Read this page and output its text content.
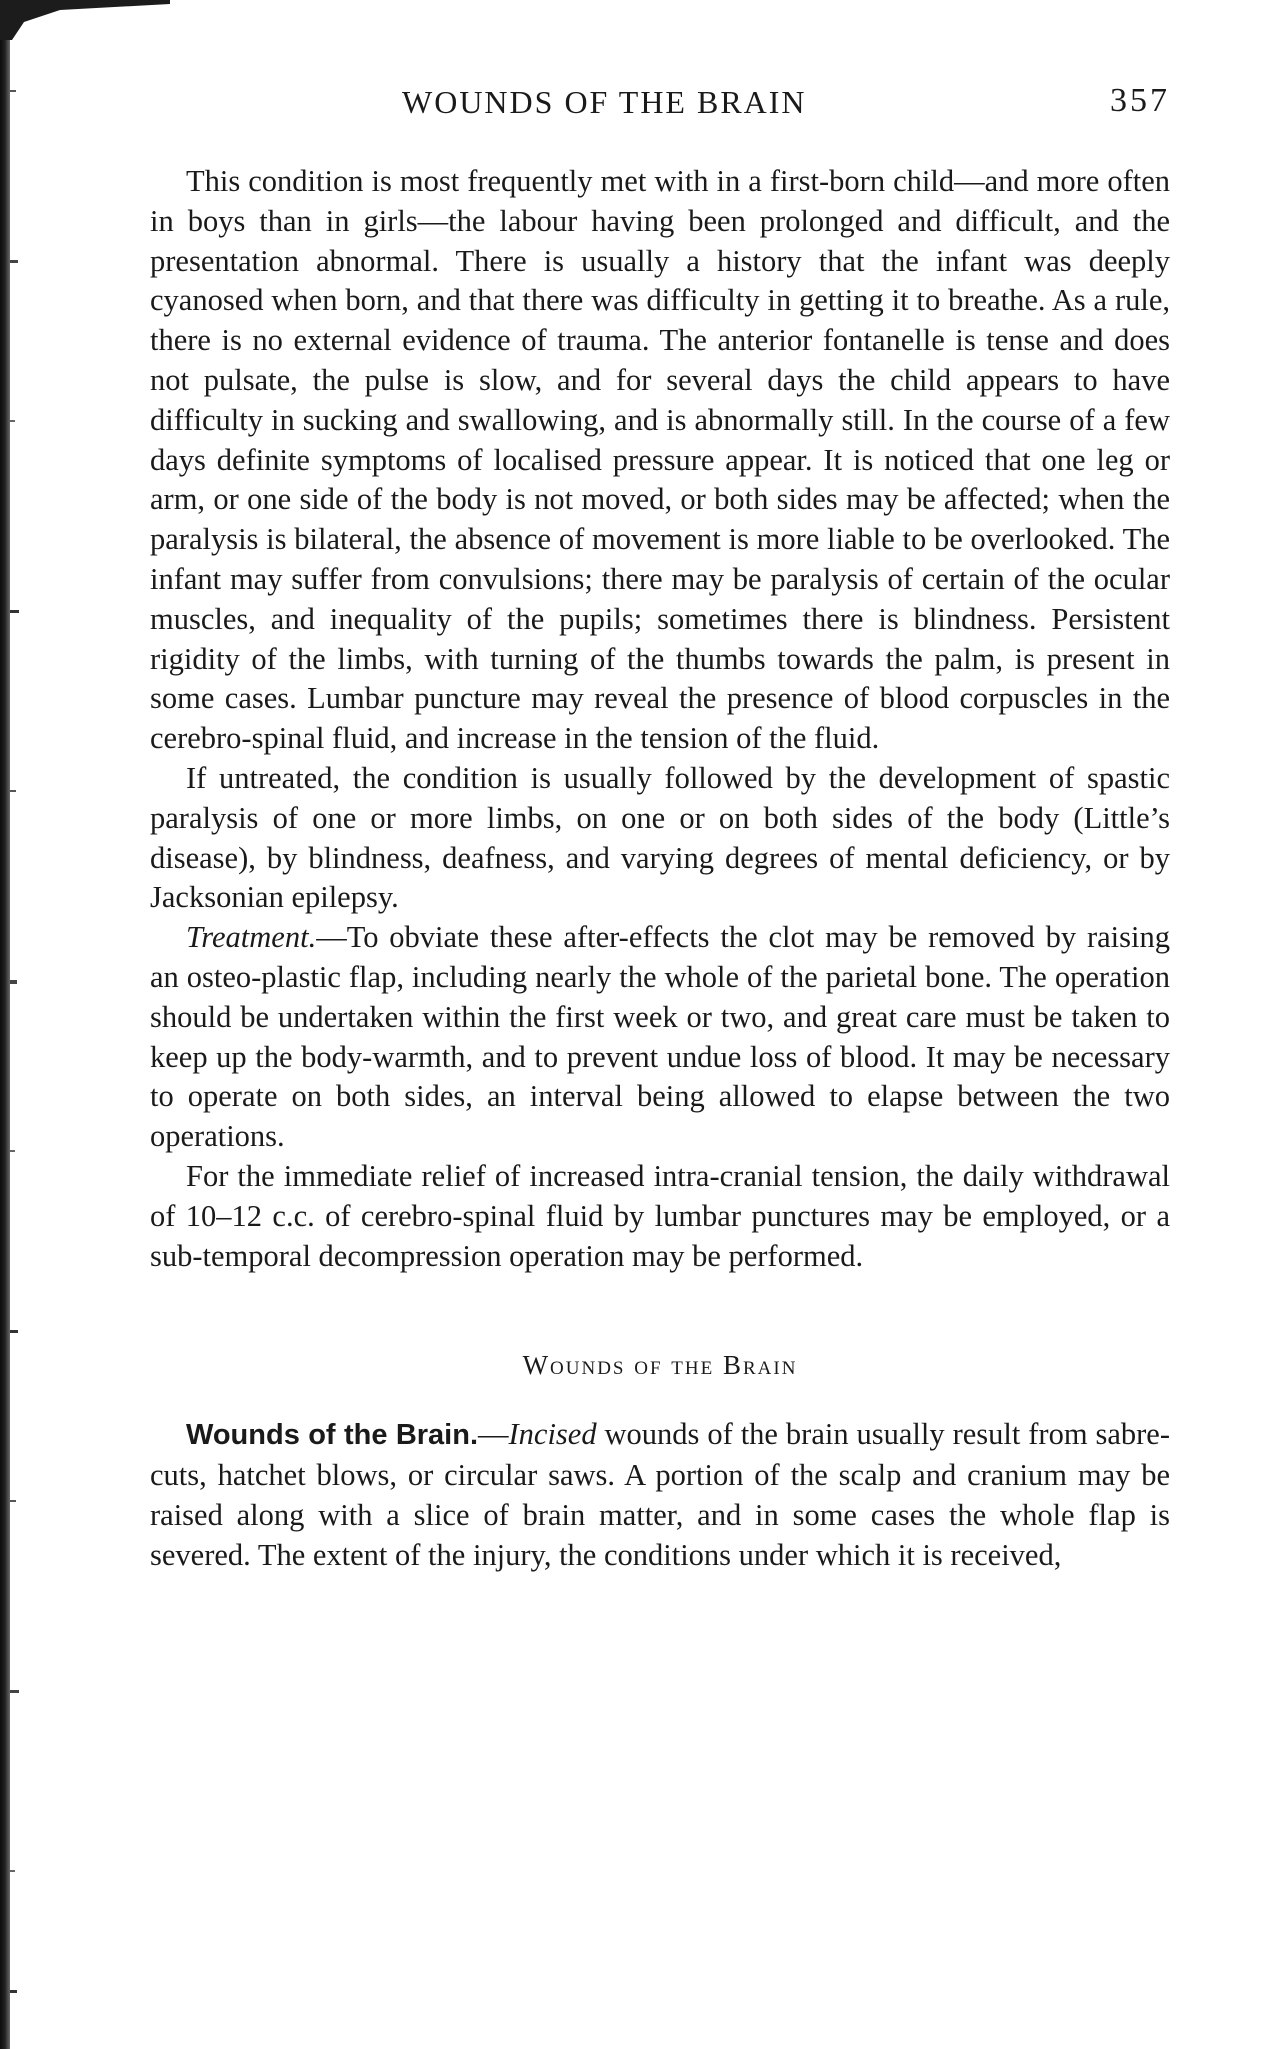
WOUNDS OF THE BRAIN	357

This condition is most frequently met with in a first-born child—and more often in boys than in girls—the labour having been prolonged and difficult, and the presentation abnormal. There is usually a history that the infant was deeply cyanosed when born, and that there was difficulty in getting it to breathe. As a rule, there is no external evidence of trauma. The anterior fontanelle is tense and does not pulsate, the pulse is slow, and for several days the child appears to have difficulty in sucking and swallowing, and is abnormally still. In the course of a few days definite symptoms of localised pressure appear. It is noticed that one leg or arm, or one side of the body is not moved, or both sides may be affected; when the paralysis is bilateral, the absence of movement is more liable to be overlooked. The infant may suffer from convulsions; there may be paralysis of certain of the ocular muscles, and inequality of the pupils; sometimes there is blindness. Persistent rigidity of the limbs, with turning of the thumbs towards the palm, is present in some cases. Lumbar puncture may reveal the presence of blood corpuscles in the cerebro-spinal fluid, and increase in the tension of the fluid.

If untreated, the condition is usually followed by the development of spastic paralysis of one or more limbs, on one or on both sides of the body (Little’s disease), by blindness, deafness, and varying degrees of mental deficiency, or by Jacksonian epilepsy.

Treatment.—To obviate these after-effects the clot may be removed by raising an osteo-plastic flap, including nearly the whole of the parietal bone. The operation should be undertaken within the first week or two, and great care must be taken to keep up the body-warmth, and to prevent undue loss of blood. It may be necessary to operate on both sides, an interval being allowed to elapse between the two operations.

For the immediate relief of increased intra-cranial tension, the daily withdrawal of 10–12 c.c. of cerebro-spinal fluid by lumbar punctures may be employed, or a sub-temporal decompression operation may be performed.

Wounds of the Brain

Wounds of the Brain.—Incised wounds of the brain usually result from sabre-cuts, hatchet blows, or circular saws. A portion of the scalp and cranium may be raised along with a slice of brain matter, and in some cases the whole flap is severed. The extent of the injury, the conditions under which it is received,
